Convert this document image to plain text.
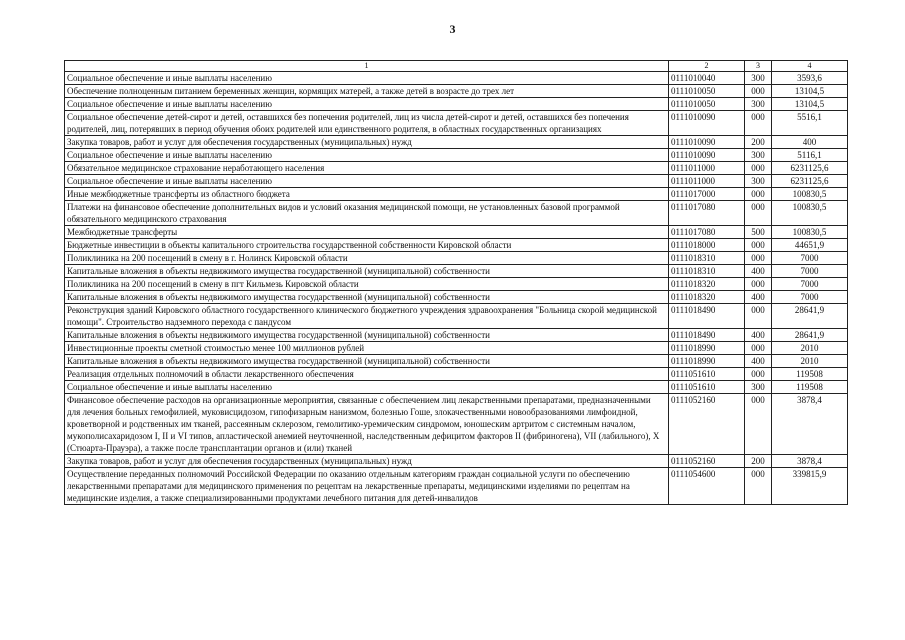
3
1	2	3	4
Социальное обеспечение и иные выплаты населению	0111010040	300	3593,6
Обеспечение полноценным питанием беременных женщин, кормящих матерей, а также детей в возрасте до трех лет	0111010050	000	13104,5
Социальное обеспечение и иные выплаты населению	0111010050	300	13104,5
Социальное обеспечение детей-сирот и детей, оставшихся без попечения родителей, лиц из числа детей-сирот и детей, оставшихся без попечения родителей, лиц, потерявших в период обучения обоих родителей или единственного родителя, в областных государственных организациях	0111010090	000	5516,1
Закупка товаров, работ и услуг для обеспечения государственных (муниципальных) нужд	0111010090	200	400
Социальное обеспечение и иные выплаты населению	0111010090	300	5116,1
Обязательное медицинское страхование неработающего населения	0111011000	000	6231125,6
Социальное обеспечение и иные выплаты населению	0111011000	300	6231125,6
Иные межбюджетные трансферты из областного бюджета	0111017000	000	100830,5
Платежи на финансовое обеспечение дополнительных видов и условий оказания медицинской помощи, не установленных базовой программой обязательного медицинского страхования	0111017080	000	100830,5
Межбюджетные трансферты	0111017080	500	100830,5
Бюджетные инвестиции в объекты капитального строительства государственной собственности Кировской области	0111018000	000	44651,9
Поликлиника на 200 посещений в смену в г. Нолинск Кировской области	0111018310	000	7000
Капитальные вложения в объекты недвижимого имущества государственной (муниципальной) собственности	0111018310	400	7000
Поликлиника на 200 посещений в смену в пгт Кильмезь Кировской области	0111018320	000	7000
Капитальные вложения в объекты недвижимого имущества государственной (муниципальной) собственности	0111018320	400	7000
Реконструкция зданий Кировского областного государственного клинического бюджетного учреждения здравоохранения "Больница скорой медицинской помощи". Строительство надземного перехода с пандусом	0111018490	000	28641,9
Капитальные вложения в объекты недвижимого имущества государственной (муниципальной) собственности	0111018490	400	28641,9
Инвестиционные проекты сметной стоимостью менее 100 миллионов рублей	0111018990	000	2010
Капитальные вложения в объекты недвижимого имущества государственной (муниципальной) собственности	0111018990	400	2010
Реализация отдельных полномочий в области лекарственного обеспечения	0111051610	000	119508
Социальное обеспечение и иные выплаты населению	0111051610	300	119508
Финансовое обеспечение расходов на организационные мероприятия, связанные с обеспечением лиц лекарственными препаратами, предназначенными для лечения больных гемофилией, муковисцидозом, гипофизарным нанизмом, болезнью Гоше, злокачественными новообразованиями лимфоидной, кроветворной и родственных им тканей, рассеянным склерозом, гемолитико-уремическим синдромом, юношеским артритом с системным началом, мукополисахаридозом I, II и VI типов, апластической анемией неуточненной, наследственным дефицитом факторов II (фибриногена), VII (лабильного), X (Стюарта-Прауэра), а также после трансплантации органов и (или) тканей	0111052160	000	3878,4
Закупка товаров, работ и услуг для обеспечения государственных (муниципальных) нужд	0111052160	200	3878,4
Осуществление переданных полномочий Российской Федерации по оказанию отдельным категориям граждан социальной услуги по обеспечению лекарственными препаратами для медицинского применения по рецептам на лекарственные препараты, медицинскими изделиями по рецептам на медицинские изделия, а также специализированными продуктами лечебного питания для детей-инвалидов	0111054600	000	339815,9
